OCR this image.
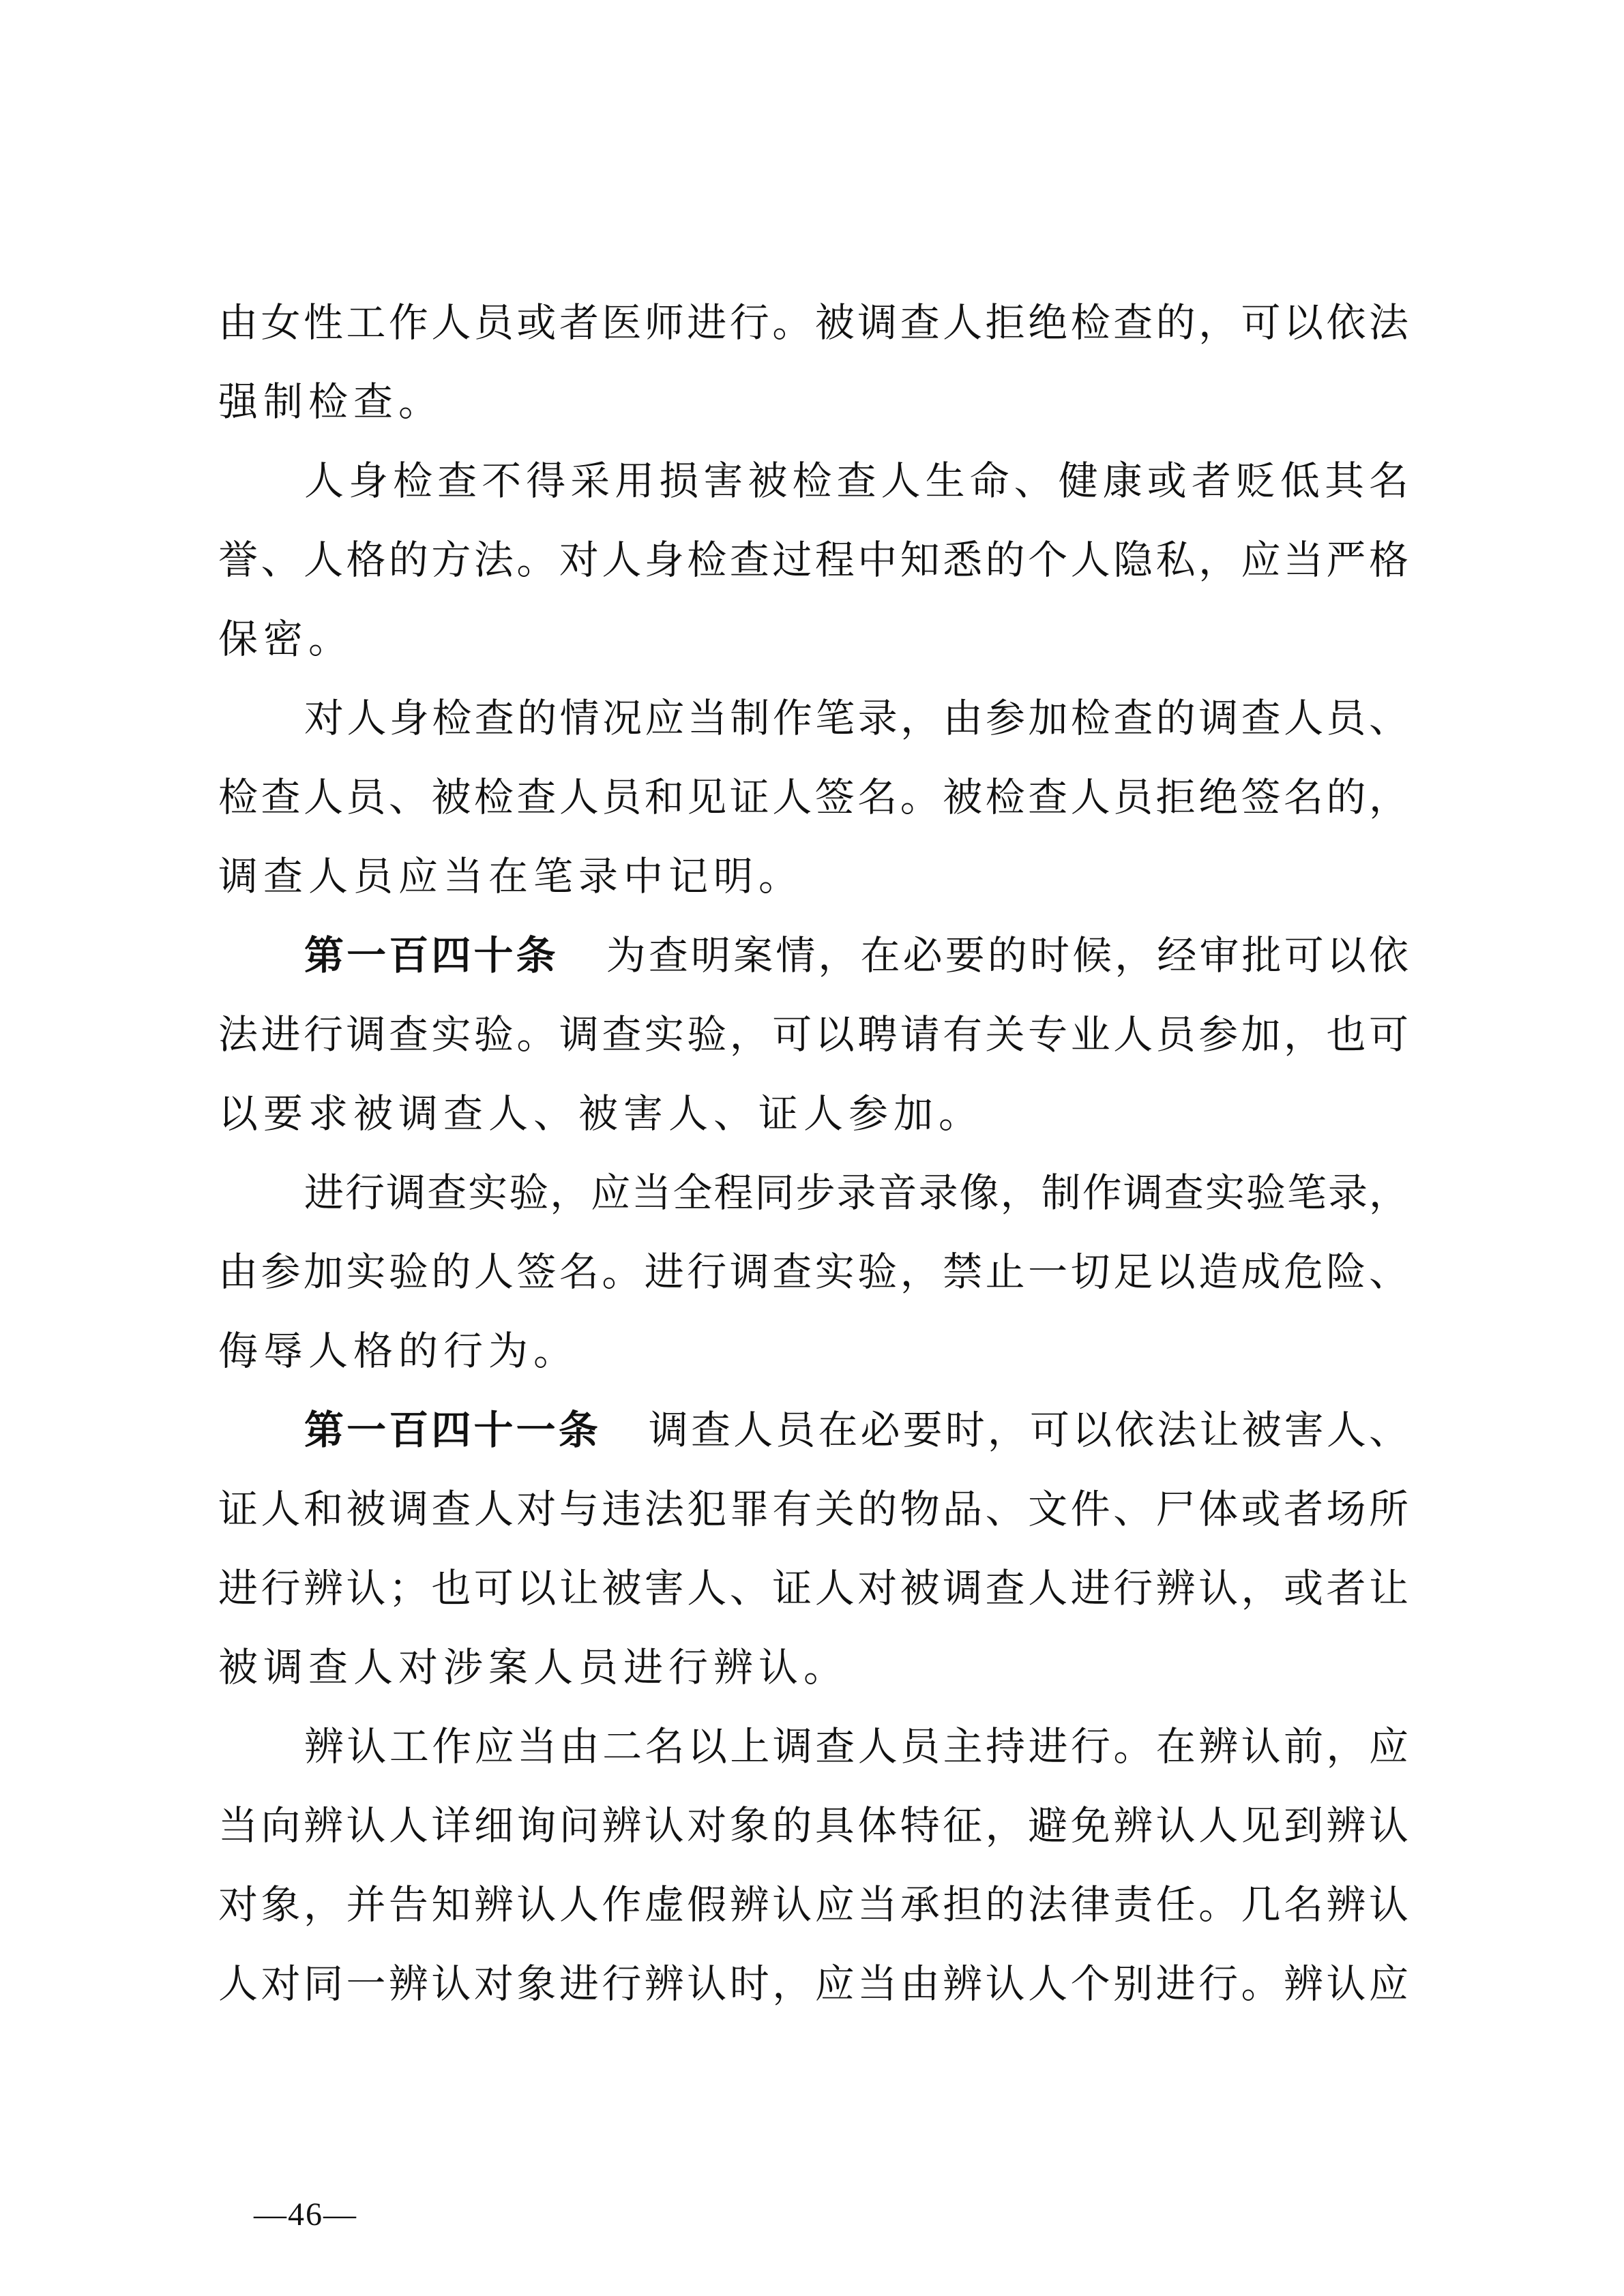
由女性工作人员或者医师进行。被调查人拒绝检查的，可以依法
强制检查。
人身检查不得采用损害被检查人生命、健康或者贬低其名
誉、人格的方法。对人身检查过程中知悉的个人隐私，应当严格
保密。
对人身检查的情况应当制作笔录，由参加检查的调查人员、
检查人员、被检查人员和见证人签名。被检查人员拒绝签名的，
调查人员应当在笔录中记明。
第一百四十条 为查明案情，在必要的时候，经审批可以依
法进行调查实验。调查实验，可以聘请有关专业人员参加，也可
以要求被调查人、被害人、证人参加。
进行调查实验，应当全程同步录音录像，制作调查实验笔录，
由参加实验的人签名。进行调查实验，禁止一切足以造成危险、
侮辱人格的行为。
第一百四十一条 调查人员在必要时，可以依法让被害人、
证人和被调查人对与违法犯罪有关的物品、文件、尸体或者场所
进行辨认；也可以让被害人、证人对被调查人进行辨认，或者让
被调查人对涉案人员进行辨认。
辨认工作应当由二名以上调查人员主持进行。在辨认前，应
当向辨认人详细询问辨认对象的具体特征，避免辨认人见到辨认
对象，并告知辨认人作虚假辨认应当承担的法律责任。几名辨认
人对同一辨认对象进行辨认时，应当由辨认人个别进行。辨认应
—46—
